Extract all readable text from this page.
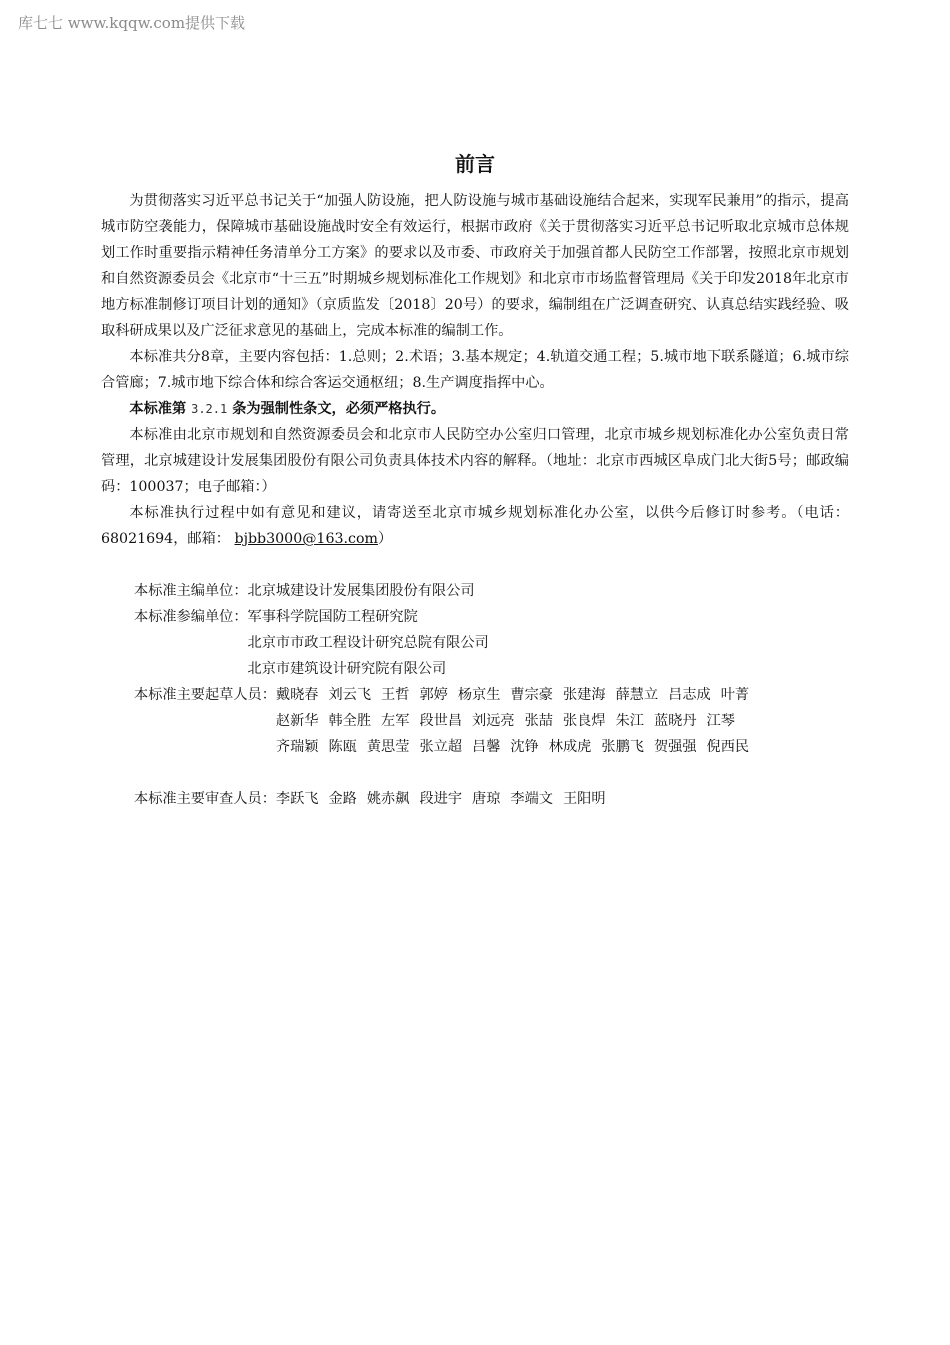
库七七 www.kqqw.com提供下载
前言

为贯彻落实习近平总书记关于“加强人防设施，把人防设施与城市基础设施结合起来，实现军民兼用”的指示，提高城市防空袭能力，保障城市基础设施战时安全有效运行，根据市政府《关于贯彻落实习近平总书记听取北京城市总体规划工作时重要指示精神任务清单分工方案》的要求以及市委、市政府关于加强首都人民防空工作部署，按照北京市规划和自然资源委员会《北京市“十三五”时期城乡规划标准化工作规划》和北京市市场监督管理局《关于印发2018年北京市地方标准制修订项目计划的通知》（京质监发〔2018〕20号）的要求，编制组在广泛调查研究、认真总结实践经验、吸取科研成果以及广泛征求意见的基础上，完成本标准的编制工作。

本标准共分8章，主要内容包括：1.总则；2.术语；3.基本规定；4.轨道交通工程；5.城市地下联系隧道；6.城市综合管廊；7.城市地下综合体和综合客运交通枢纽；8.生产调度指挥中心。

本标准第 3.2.1 条为强制性条文，必须严格执行。

本标准由北京市规划和自然资源委员会和北京市人民防空办公室归口管理，北京市城乡规划标准化办公室负责日常管理，北京城建设计发展集团股份有限公司负责具体技术内容的解释。（地址：北京市西城区阜成门北大街5号；邮政编码：100037；电子邮箱：）

本标准执行过程中如有意见和建议，请寄送至北京市城乡规划标准化办公室，以供今后修订时参考。（电话：68021694，邮箱： bjbb3000@163.com）

本标准主编单位： 北京城建设计发展集团股份有限公司
本标准参编单位： 军事科学院国防工程研究院
北京市市政工程设计研究总院有限公司
北京市建筑设计研究院有限公司
本标准主要起草人员： 戴晓春 刘云飞 王哲 郭婷 杨京生 曹宗豪 张建海 薛慧立 吕志成 叶菁
赵新华 韩全胜 左军 段世昌 刘远亮 张喆 张良焊 朱江 蓝晓丹 江琴
齐瑞颖 陈瓯 黄思莹 张立超 吕馨 沈铮 林成虎 张鹏飞 贺强强 倪西民
本标准主要审查人员： 李跃飞 金路 姚赤飙 段进宇 唐琼 李端文 王阳明
